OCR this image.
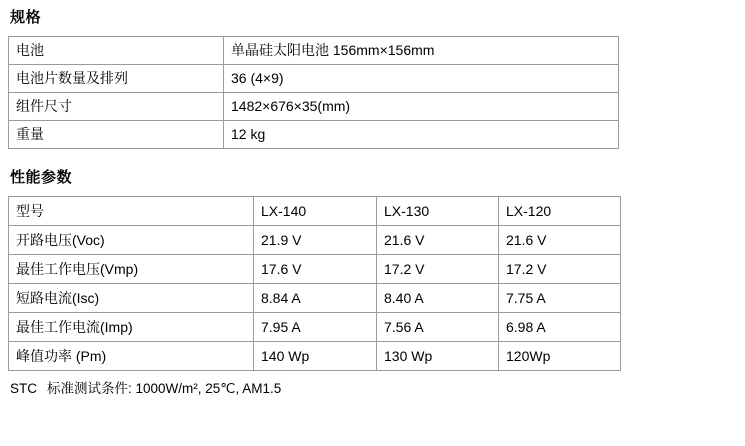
规格
电池	单晶硅太阳电池 156mm×156mm
电池片数量及排列	36 (4×9)
组件尺寸	1482×676×35(mm)
重量	12 kg
性能参数
型号	LX-140	LX-130	LX-120
开路电压(Voc)	21.9 V	21.6 V	21.6 V
最佳工作电压(Vmp)	17.6 V	17.2 V	17.2 V
短路电流(Isc)	8.84 A	8.40 A	7.75 A
最佳工作电流(Imp)	7.95 A	7.56 A	6.98 A
峰值功率 (Pm)	140 Wp	130 Wp	120Wp
STC 标准测试条件: 1000W/m², 25℃, AM1.5
